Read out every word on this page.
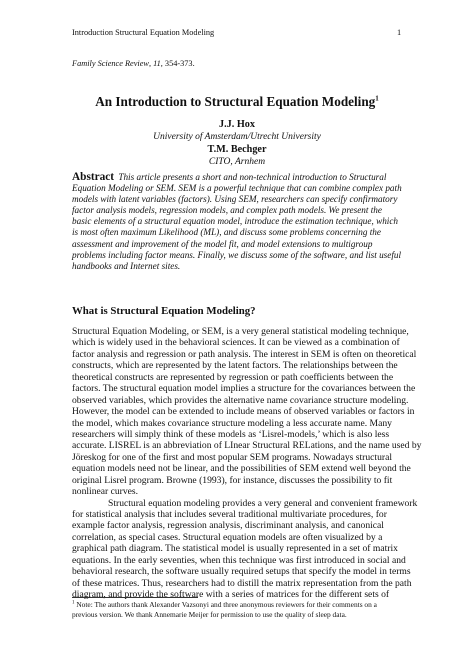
Introduction Structural Equation Modeling	1
Family Science Review, 11, 354-373.
An Introduction to Structural Equation Modeling$^1$
J.J. Hox
University of Amsterdam/Utrecht University
T.M. Bechger
CITO, Arnhem
Abstract This article presents a short and non-technical introduction to Structural
Equation Modeling or SEM. SEM is a powerful technique that can combine complex path
models with latent variables (factors). Using SEM, researchers can specify confirmatory
factor analysis models, regression models, and complex path models. We present the
basic elements of a structural equation model, introduce the estimation technique, which
is most often maximum Likelihood (ML), and discuss some problems concerning the
assessment and improvement of the model fit, and model extensions to multigroup
problems including factor means. Finally, we discuss some of the software, and list useful
handbooks and Internet sites.
What is Structural Equation Modeling?
Structural Equation Modeling, or SEM, is a very general statistical modeling technique,
which is widely used in the behavioral sciences. It can be viewed as a combination of
factor analysis and regression or path analysis. The interest in SEM is often on theoretical
constructs, which are represented by the latent factors. The relationships between the
theoretical constructs are represented by regression or path coefficients between the
factors. The structural equation model implies a structure for the covariances between the
observed variables, which provides the alternative name covariance structure modeling.
However, the model can be extended to include means of observed variables or factors in
the model, which makes covariance structure modeling a less accurate name. Many
researchers will simply think of these models as ‘Lisrel-models,’ which is also less
accurate. LISREL is an abbreviation of LInear Structural RELations, and the name used by
Jöreskog for one of the first and most popular SEM programs. Nowadays structural
equation models need not be linear, and the possibilities of SEM extend well beyond the
original Lisrel program. Browne (1993), for instance, discusses the possibility to fit
nonlinear curves.
Structural equation modeling provides a very general and convenient framework
for statistical analysis that includes several traditional multivariate procedures, for
example factor analysis, regression analysis, discriminant analysis, and canonical
correlation, as special cases. Structural equation models are often visualized by a
graphical path diagram. The statistical model is usually represented in a set of matrix
equations. In the early seventies, when this technique was first introduced in social and
behavioral research, the software usually required setups that specify the model in terms
of these matrices. Thus, researchers had to distill the matrix representation from the path
diagram, and provide the software with a series of matrices for the different sets of
$^1$ Note: The authors thank Alexander Vazsonyi and three anonymous reviewers for their comments on a
previous version. We thank Annemarie Meijer for permission to use the quality of sleep data.
